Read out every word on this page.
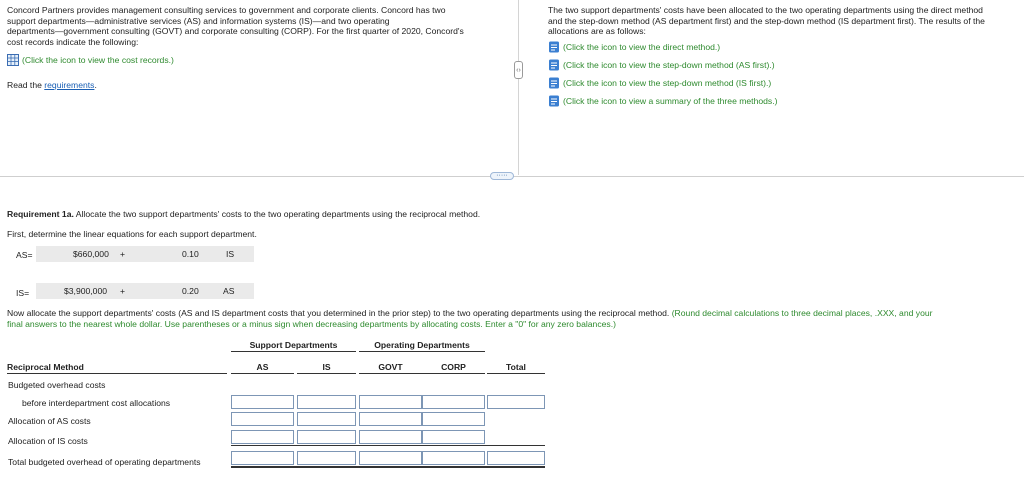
Concord Partners provides management consulting services to government and corporate clients. Concord has two
support departments—administrative services (AS) and information systems (IS)—and two operating
departments—government consulting (GOVT) and corporate consulting (CORP). For the first quarter of 2020, Concord's
cost records indicate the following:
(Click the icon to view the cost records.)
Read the requirements.
‹›
·····
The two support departments' costs have been allocated to the two operating departments using the direct method
and the step-down method (AS department first) and the step-down method (IS department first). The results of the
allocations are as follows:
(Click the icon to view the direct method.)
(Click the icon to view the step-down method (AS first).)
(Click the icon to view the step-down method (IS first).)
(Click the icon to view a summary of the three methods.)
Requirement 1a. Allocate the two support departments' costs to the two operating departments using the reciprocal method.
First, determine the linear equations for each support department.
AS=	$660,000 +	0.10	IS
IS=	$3,900,000 +	0.20	AS
Now allocate the support departments' costs (AS and IS department costs that you determined in the prior step) to the two operating departments using the reciprocal method. (Round decimal calculations to three decimal places, .XXX, and your
final answers to the nearest whole dollar. Use parentheses or a minus sign when decreasing departments by allocating costs. Enter a "0" for any zero balances.)
Support Departments	Operating Departments
Reciprocal Method	AS	IS	GOVT	CORP	Total
Budgeted overhead costs
before interdepartment cost allocations
Allocation of AS costs
Allocation of IS costs
Total budgeted overhead of operating departments
